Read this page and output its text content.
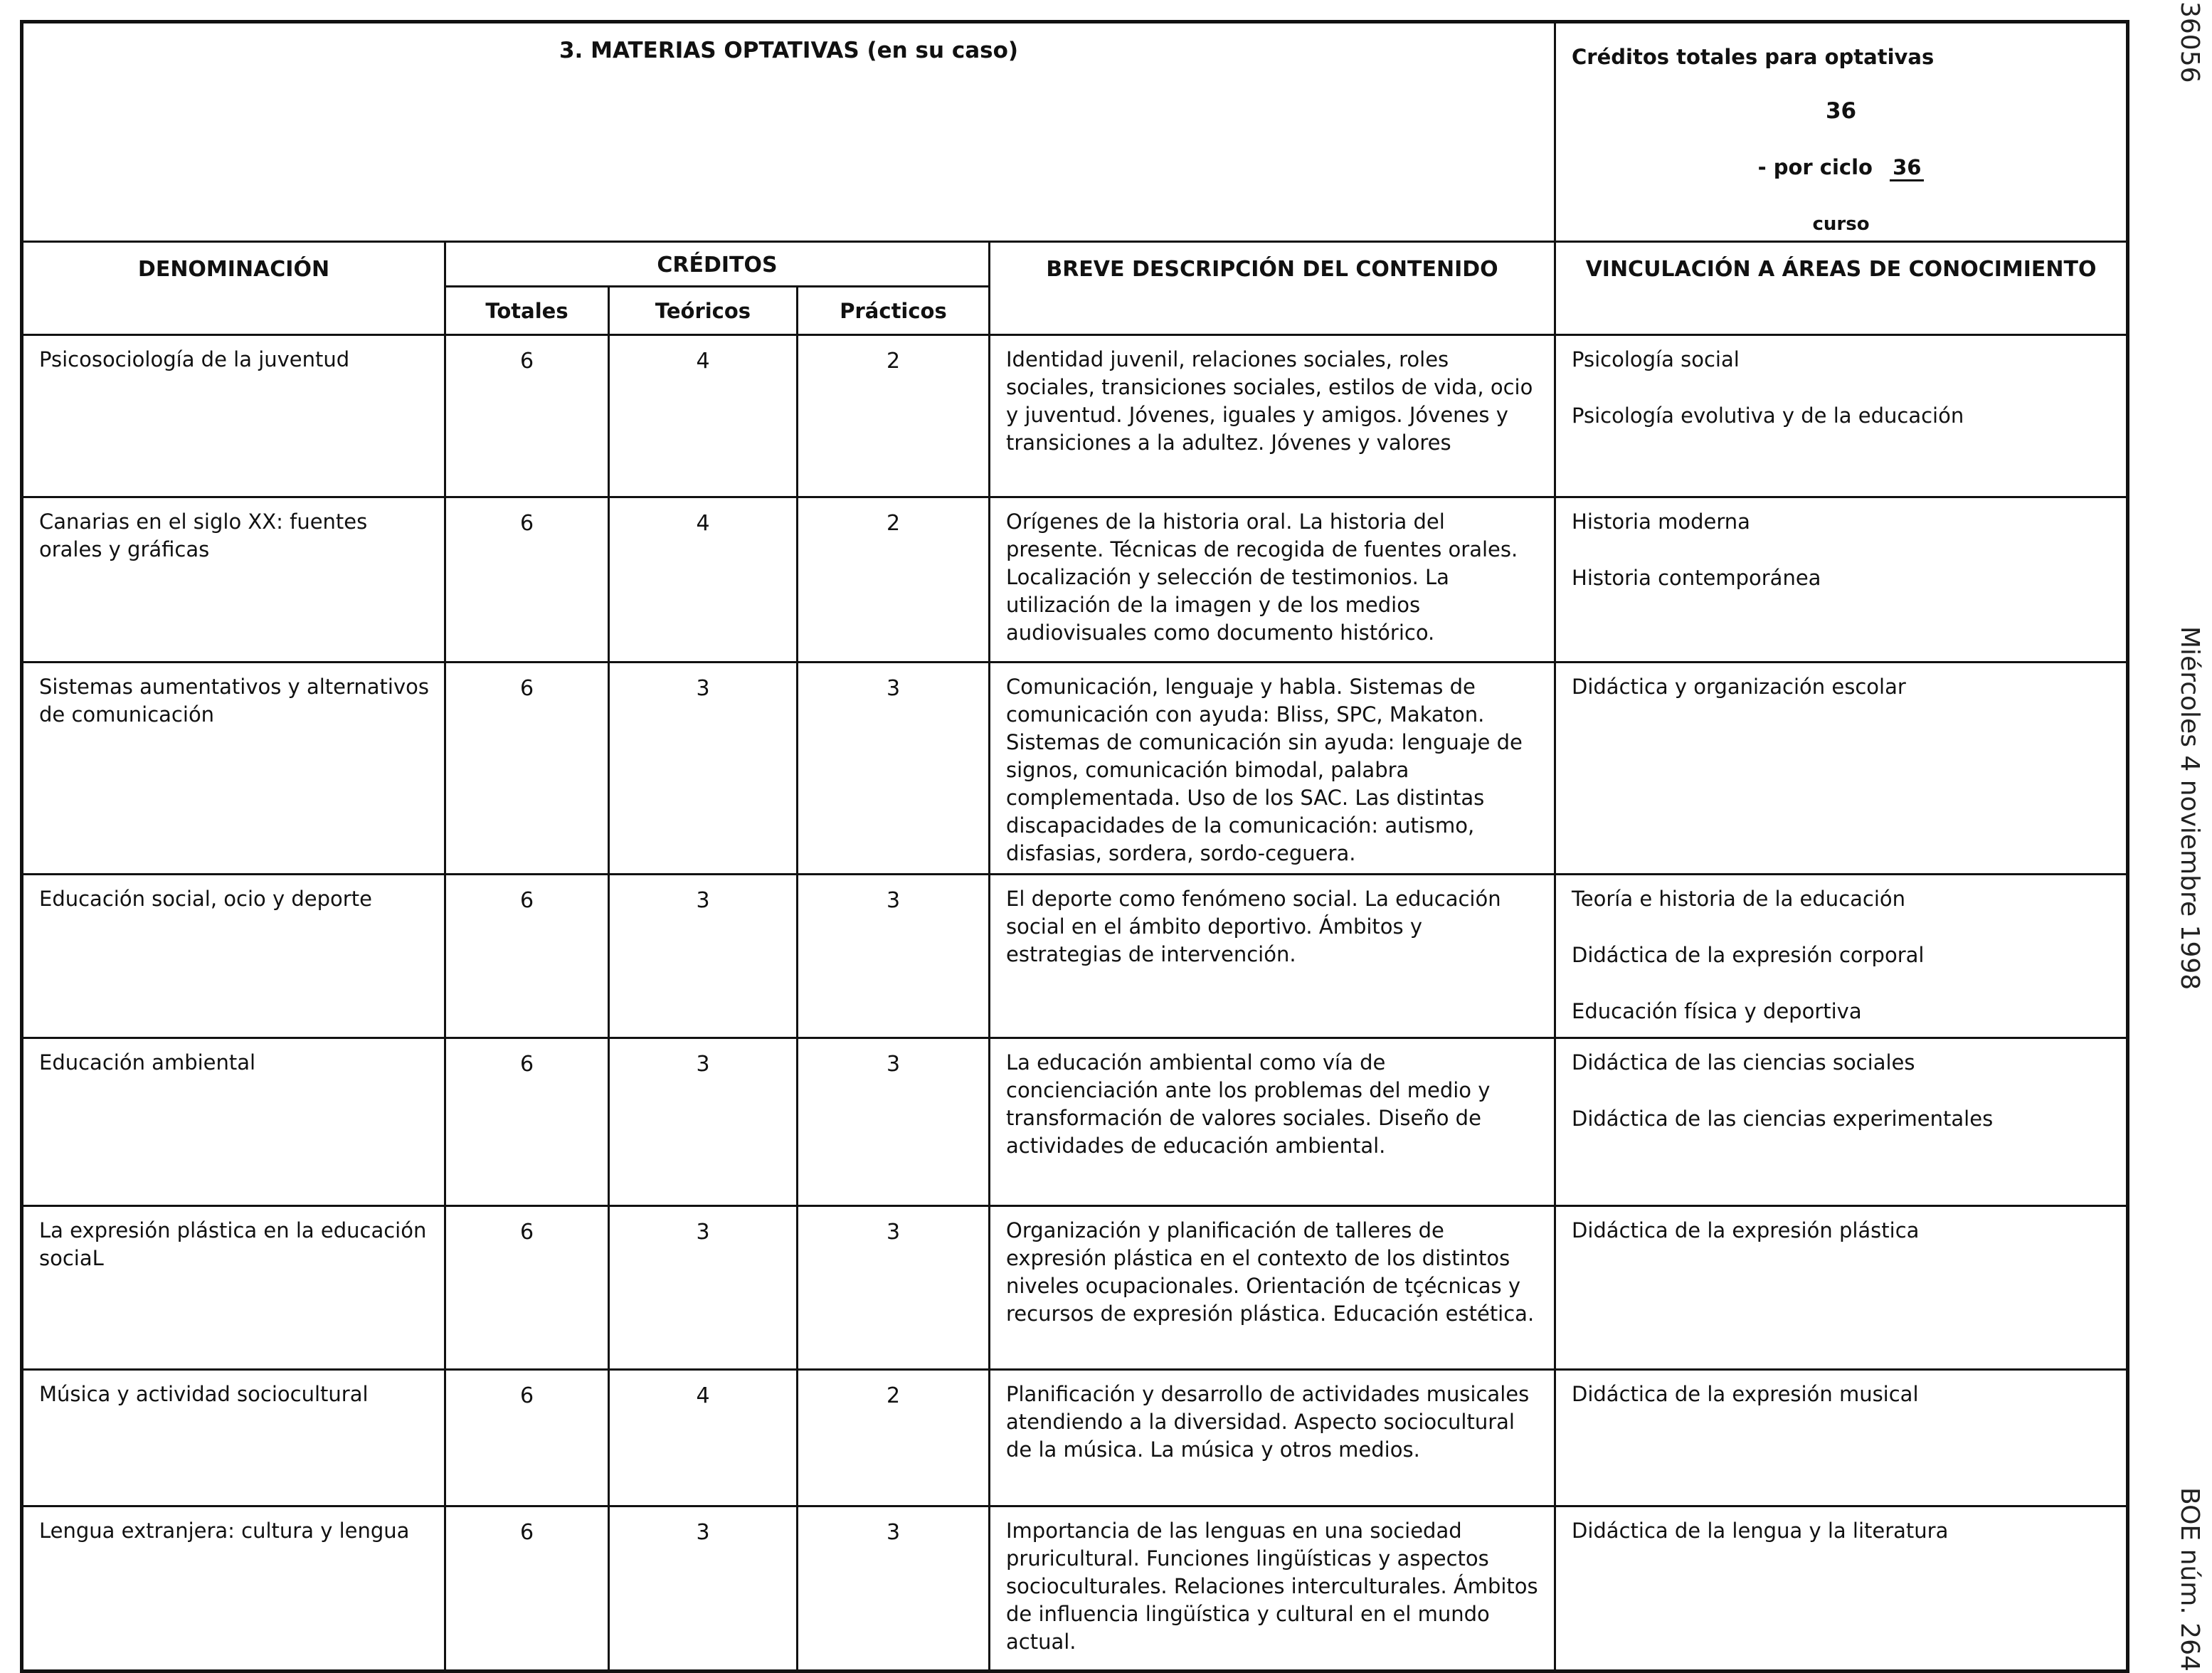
3. MATERIAS OPTATIVAS (en su caso)					Créditos totales para optativas
36
- por ciclo 36
curso

DENOMINACIÓN	CRÉDITOS			BREVE DESCRIPCIÓN DEL CONTENIDO	VINCULACIÓN A ÁREAS DE CONOCIMIENTO

	Totales	Teóricos	Prácticos		
Psicosociología de la juventud	6	4	2	Identidad juvenil, relaciones sociales, roles sociales, transiciones sociales, estilos de vida, ocio y juventud. Jóvenes, iguales y amigos. Jóvenes y transiciones a la adultez. Jóvenes y valores	Psicología social
Psicología evolutiva y de la educación

Canarias en el siglo XX: fuentes orales y gráficas	6	4	2	Orígenes de la historia oral. La historia del presente. Técnicas de recogida de fuentes orales. Localización y selección de testimonios. La utilización de la imagen y de los medios audiovisuales como documento histórico.	Historia moderna
Historia contemporánea

Sistemas aumentativos y alternativos de comunicación	6	3	3	Comunicación, lenguaje y habla. Sistemas de comunicación con ayuda: Bliss, SPC, Makaton. Sistemas de comunicación sin ayuda: lenguaje de signos, comunicación bimodal, palabra complementada. Uso de los SAC. Las distintas discapacidades de la comunicación: autismo, disfasias, sordera, sordo-ceguera.	Didáctica y organización escolar

Educación social, ocio y deporte	6	3	3	El deporte como fenómeno social. La educación social en el ámbito deportivo. Ámbitos y estrategias de intervención.	Teoría e historia de la educación
Didáctica de la expresión corporal
Educación física y deportiva

Educación ambiental	6	3	3	La educación ambiental como vía de concienciación ante los problemas del medio y transformación de valores sociales. Diseño de actividades de educación ambiental.	Didáctica de las ciencias sociales
Didáctica de las ciencias experimentales

La expresión plástica en la educación sociaL	6	3	3	Organización y planificación de talleres de expresión plástica en el contexto de los distintos niveles ocupacionales. Orientación de tçécnicas y recursos de expresión plástica. Educación estética.	Didáctica de la expresión plástica

Música y actividad sociocultural	6	4	2	Planificación y desarrollo de actividades musicales atendiendo a la diversidad. Aspecto sociocultural de la música. La música y otros medios.	Didáctica de la expresión musical

Lengua extranjera: cultura y lengua	6	3	3	Importancia de las lenguas en una sociedad pruricultural. Funciones lingüísticas y aspectos socioculturales. Relaciones interculturales. Ámbitos de influencia lingüística y cultural en el mundo actual.	Didáctica de la lengua y la literatura
36056
Miércoles 4 noviembre 1998
BOE núm. 264
